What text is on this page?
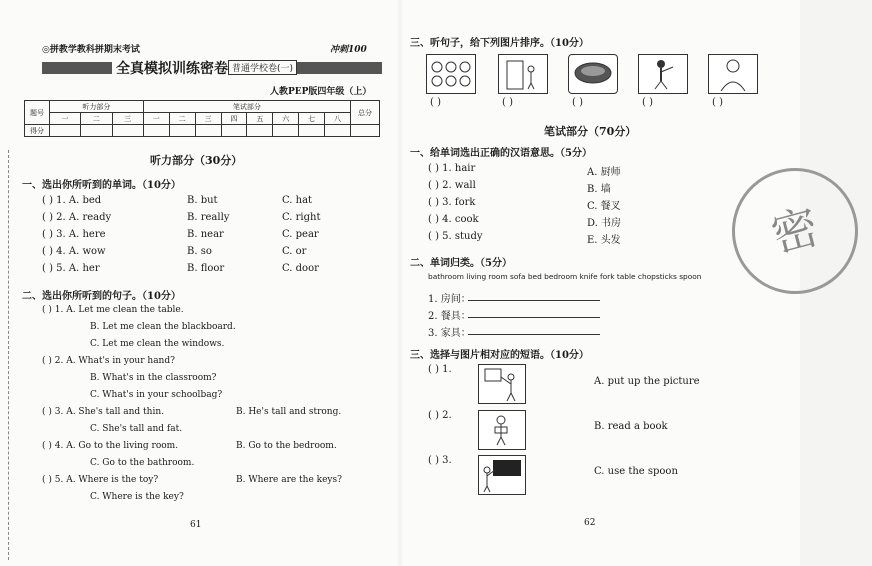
◎拼教学教科拼期末考试	冲刺100
全真模拟训练密卷 普通学校卷(一)
人教PEP版四年级（上）
题号	听力部分			笔试部分								总分
	一	二	三	一	二	三	四	五	六	七	八	
得分												
听力部分（30分）
一、选出你所听到的单词。（10分）
( ) 1. A. bed	B. but	C. hat
( ) 2. A. ready	B. really	C. right
( ) 3. A. here	B. near	C. pear
( ) 4. A. wow	B. so	C. or
( ) 5. A. her	B. floor	C. door
二、选出你所听到的句子。（10分）
( ) 1. A. Let me clean the table.
B. Let me clean the blackboard.
C. Let me clean the windows.
( ) 2. A. What's in your hand?
B. What's in the classroom?
C. What's in your schoolbag?
( ) 3. A. She's tall and thin.	B. He's tall and strong.
C. She's tall and fat.
( ) 4. A. Go to the living room.	B. Go to the bedroom.
C. Go to the bathroom.
( ) 5. A. Where is the toy?	B. Where are the keys?
C. Where is the key?
61
三、听句子，给下列图片排序。（10分）
( )	( )	( )	( )	( )
笔试部分（70分）
一、给单词选出正确的汉语意思。（5分）
( ) 1. hair	A. 厨师
( ) 2. wall	B. 墙
( ) 3. fork	C. 餐叉
( ) 4. cook	D. 书房
( ) 5. study	E. 头发
二、单词归类。（5分）
bathroom living room sofa bed bedroom knife fork table chopsticks spoon
1. 房间：
2. 餐具：
3. 家具：
三、选择与图片相对应的短语。（10分）
( ) 1.
A. put up the picture
( ) 2.
B. read a book
( ) 3.
C. use the spoon
密
62
